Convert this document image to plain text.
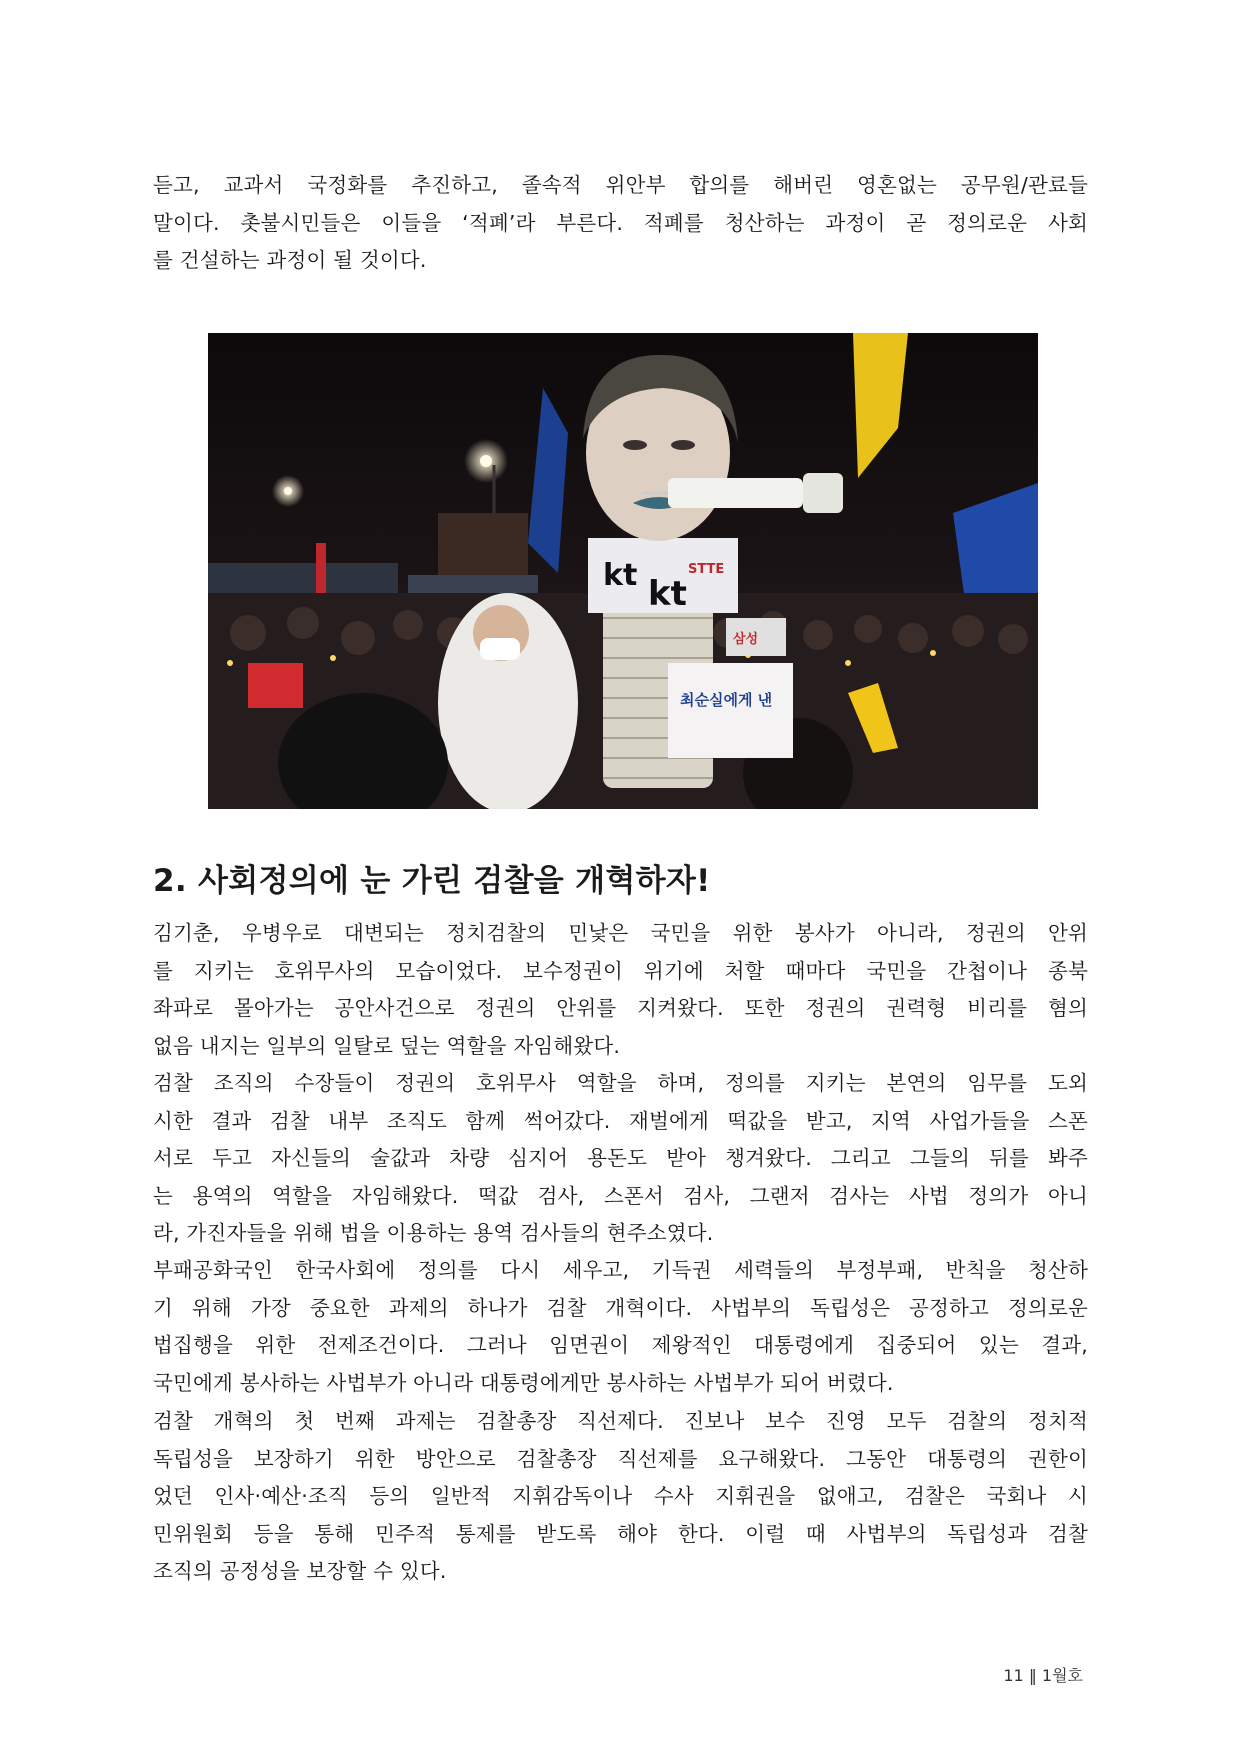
듣고, 교과서 국정화를 추진하고, 졸속적 위안부 합의를 해버린 영혼없는 공무원/관료들
말이다. 촛불시민들은 이들을 ‘적폐’라 부른다. 적폐를 청산하는 과정이 곧 정의로운 사회
를 건설하는 과정이 될 것이다.

kt kt
STTE
최순실에게 낸
삼성
2. 사회정의에 눈 가린 검찰을 개혁하자!

김기춘, 우병우로 대변되는 정치검찰의 민낯은 국민을 위한 봉사가 아니라, 정권의 안위
를 지키는 호위무사의 모습이었다. 보수정권이 위기에 처할 때마다 국민을 간첩이나 종북
좌파로 몰아가는 공안사건으로 정권의 안위를 지켜왔다. 또한 정권의 권력형 비리를 혐의
없음 내지는 일부의 일탈로 덮는 역할을 자임해왔다.

검찰 조직의 수장들이 정권의 호위무사 역할을 하며, 정의를 지키는 본연의 임무를 도외
시한 결과 검찰 내부 조직도 함께 썩어갔다. 재벌에게 떡값을 받고, 지역 사업가들을 스폰
서로 두고 자신들의 술값과 차량 심지어 용돈도 받아 챙겨왔다. 그리고 그들의 뒤를 봐주
는 용역의 역할을 자임해왔다. 떡값 검사, 스폰서 검사, 그랜저 검사는 사법 정의가 아니
라, 가진자들을 위해 법을 이용하는 용역 검사들의 현주소였다.

부패공화국인 한국사회에 정의를 다시 세우고, 기득권 세력들의 부정부패, 반칙을 청산하
기 위해 가장 중요한 과제의 하나가 검찰 개혁이다. 사법부의 독립성은 공정하고 정의로운
법집행을 위한 전제조건이다. 그러나 임면권이 제왕적인 대통령에게 집중되어 있는 결과,
국민에게 봉사하는 사법부가 아니라 대통령에게만 봉사하는 사법부가 되어 버렸다.

검찰 개혁의 첫 번째 과제는 검찰총장 직선제다. 진보나 보수 진영 모두 검찰의 정치적
독립성을 보장하기 위한 방안으로 검찰총장 직선제를 요구해왔다. 그동안 대통령의 권한이
었던 인사·예산·조직 등의 일반적 지휘감독이나 수사 지휘권을 없애고, 검찰은 국회나 시
민위원회 등을 통해 민주적 통제를 받도록 해야 한다. 이럴 때 사법부의 독립성과 검찰
조직의 공정성을 보장할 수 있다.

11 ‖ 1월호
